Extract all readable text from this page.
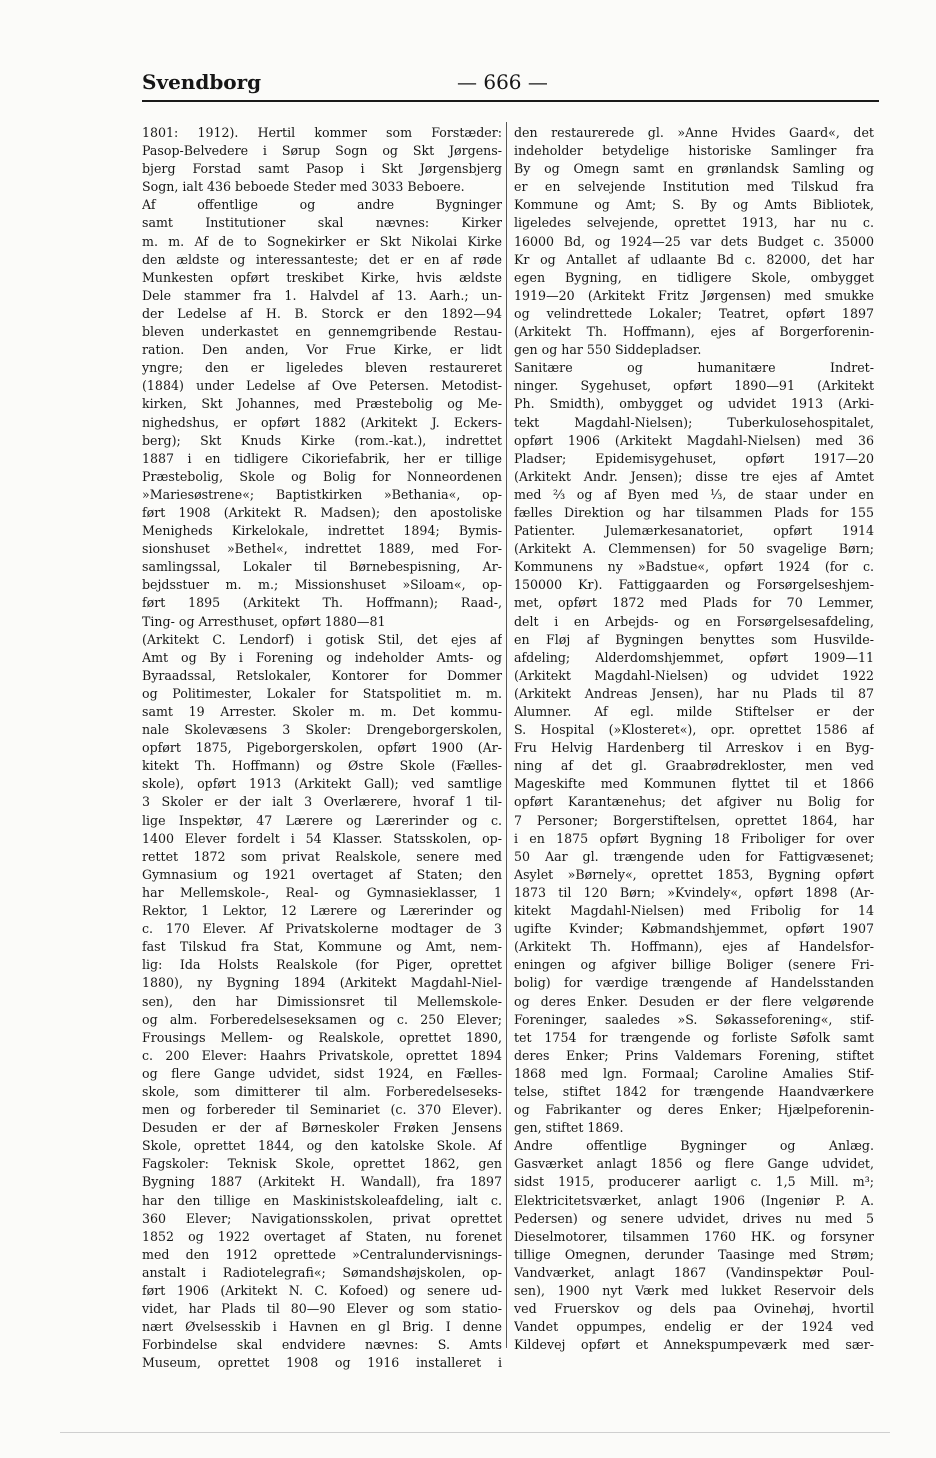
Svendborg	— 666 —
1801: 1912). Hertil kommer som Forstæder:
Pasop-Belvedere i Sørup Sogn og Skt Jørgens-
bjerg Forstad samt Pasop i Skt Jørgensbjerg
Sogn, ialt 436 beboede Steder med 3033 Beboere.
Af offentlige og andre Bygninger
samt Institutioner skal nævnes: Kirker
m. m. Af de to Sognekirker er Skt Nikolai Kirke
den ældste og interessanteste; det er en af røde
Munkesten opført treskibet Kirke, hvis ældste
Dele stammer fra 1. Halvdel af 13. Aarh.; un-
der Ledelse af H. B. Storck er den 1892—94
bleven underkastet en gennemgribende Restau-
ration. Den anden, Vor Frue Kirke, er lidt
yngre; den er ligeledes bleven restaureret
(1884) under Ledelse af Ove Petersen. Metodist-
kirken, Skt Johannes, med Præstebolig og Me-
nighedshus, er opført 1882 (Arkitekt J. Eckers-
berg); Skt Knuds Kirke (rom.-kat.), indrettet
1887 i en tidligere Cikoriefabrik, her er tillige
Præstebolig, Skole og Bolig for Nonneordenen
»Mariesøstrene«; Baptistkirken »Bethania«, op-
ført 1908 (Arkitekt R. Madsen); den apostoliske
Menigheds Kirkelokale, indrettet 1894; Bymis-
sionshuset »Bethel«, indrettet 1889, med For-
samlingssal, Lokaler til Børnebespisning, Ar-
bejdsstuer m. m.; Missionshuset »Siloam«, op-
ført 1895 (Arkitekt Th. Hoffmann); Raad-,
Ting- og Arresthuset, opført 1880—81
(Arkitekt C. Lendorf) i gotisk Stil, det ejes af
Amt og By i Forening og indeholder Amts- og
Byraadssal, Retslokaler, Kontorer for Dommer
og Politimester, Lokaler for Statspolitiet m. m.
samt 19 Arrester. Skoler m. m. Det kommu-
nale Skolevæsens 3 Skoler: Drengeborgerskolen,
opført 1875, Pigeborgerskolen, opført 1900 (Ar-
kitekt Th. Hoffmann) og Østre Skole (Fælles-
skole), opført 1913 (Arkitekt Gall); ved samtlige
3 Skoler er der ialt 3 Overlærere, hvoraf 1 til-
lige Inspektør, 47 Lærere og Lærerinder og c.
1400 Elever fordelt i 54 Klasser. Statsskolen, op-
rettet 1872 som privat Realskole, senere med
Gymnasium og 1921 overtaget af Staten; den
har Mellemskole-, Real- og Gymnasieklasser, 1
Rektor, 1 Lektor, 12 Lærere og Lærerinder og
c. 170 Elever. Af Privatskolerne modtager de 3
fast Tilskud fra Stat, Kommune og Amt, nem-
lig: Ida Holsts Realskole (for Piger, oprettet
1880), ny Bygning 1894 (Arkitekt Magdahl-Niel-
sen), den har Dimissionsret til Mellemskole-
og alm. Forberedelseseksamen og c. 250 Elever;
Frousings Mellem- og Realskole, oprettet 1890,
c. 200 Elever: Haahrs Privatskole, oprettet 1894
og flere Gange udvidet, sidst 1924, en Fælles-
skole, som dimitterer til alm. Forberedelseseks-
men og forbereder til Seminariet (c. 370 Elever).
Desuden er der af Børneskoler Frøken Jensens
Skole, oprettet 1844, og den katolske Skole. Af
Fagskoler: Teknisk Skole, oprettet 1862, gen
Bygning 1887 (Arkitekt H. Wandall), fra 1897
har den tillige en Maskinistskoleafdeling, ialt c.
360 Elever; Navigationsskolen, privat oprettet
1852 og 1922 overtaget af Staten, nu forenet
med den 1912 oprettede »Centralundervisnings-
anstalt i Radiotelegrafi«; Sømandshøjskolen, op-
ført 1906 (Arkitekt N. C. Kofoed) og senere ud-
videt, har Plads til 80—90 Elever og som statio-
nært Øvelsesskib i Havnen en gl Brig. I denne
Forbindelse skal endvidere nævnes: S. Amts
Museum, oprettet 1908 og 1916 installeret i
den restaurerede gl. »Anne Hvides Gaard«, det
indeholder betydelige historiske Samlinger fra
By og Omegn samt en grønlandsk Samling og
er en selvejende Institution med Tilskud fra
Kommune og Amt; S. By og Amts Bibliotek,
ligeledes selvejende, oprettet 1913, har nu c.
16000 Bd, og 1924—25 var dets Budget c. 35000
Kr og Antallet af udlaante Bd c. 82000, det har
egen Bygning, en tidligere Skole, ombygget
1919—20 (Arkitekt Fritz Jørgensen) med smukke
og velindrettede Lokaler; Teatret, opført 1897
(Arkitekt Th. Hoffmann), ejes af Borgerforenin-
gen og har 550 Siddepladser.
Sanitære og humanitære Indret-
ninger. Sygehuset, opført 1890—91 (Arkitekt
Ph. Smidth), ombygget og udvidet 1913 (Arki-
tekt Magdahl-Nielsen); Tuberkulosehospitalet,
opført 1906 (Arkitekt Magdahl-Nielsen) med 36
Pladser; Epidemisygehuset, opført 1917—20
(Arkitekt Andr. Jensen); disse tre ejes af Amtet
med ⅔ og af Byen med ⅓, de staar under en
fælles Direktion og har tilsammen Plads for 155
Patienter. Julemærkesanatoriet, opført 1914
(Arkitekt A. Clemmensen) for 50 svagelige Børn;
Kommunens ny »Badstue«, opført 1924 (for c.
150000 Kr). Fattiggaarden og Forsørgelseshjem-
met, opført 1872 med Plads for 70 Lemmer,
delt i en Arbejds- og en Forsørgelsesafdeling,
en Fløj af Bygningen benyttes som Husvilde-
afdeling; Alderdomshjemmet, opført 1909—11
(Arkitekt Magdahl-Nielsen) og udvidet 1922
(Arkitekt Andreas Jensen), har nu Plads til 87
Alumner. Af egl. milde Stiftelser er der
S. Hospital (»Klosteret«), opr. oprettet 1586 af
Fru Helvig Hardenberg til Arreskov i en Byg-
ning af det gl. Graabrødrekloster, men ved
Mageskifte med Kommunen flyttet til et 1866
opført Karantænehus; det afgiver nu Bolig for
7 Personer; Borgerstiftelsen, oprettet 1864, har
i en 1875 opført Bygning 18 Friboliger for over
50 Aar gl. trængende uden for Fattigvæsenet;
Asylet »Børnely«, oprettet 1853, Bygning opført
1873 til 120 Børn; »Kvindely«, opført 1898 (Ar-
kitekt Magdahl-Nielsen) med Fribolig for 14
ugifte Kvinder; Købmandshjemmet, opført 1907
(Arkitekt Th. Hoffmann), ejes af Handelsfor-
eningen og afgiver billige Boliger (senere Fri-
bolig) for værdige trængende af Handelsstanden
og deres Enker. Desuden er der flere velgørende
Foreninger, saaledes »S. Søkasseforening«, stif-
tet 1754 for trængende og forliste Søfolk samt
deres Enker; Prins Valdemars Forening, stiftet
1868 med lgn. Formaal; Caroline Amalies Stif-
telse, stiftet 1842 for trængende Haandværkere
og Fabrikanter og deres Enker; Hjælpeforenin-
gen, stiftet 1869.
Andre offentlige Bygninger og Anlæg.
Gasværket anlagt 1856 og flere Gange udvidet,
sidst 1915, producerer aarligt c. 1,5 Mill. m³;
Elektricitetsværket, anlagt 1906 (Ingeniør P. A.
Pedersen) og senere udvidet, drives nu med 5
Dieselmotorer, tilsammen 1760 HK. og forsyner
tillige Omegnen, derunder Taasinge med Strøm;
Vandværket, anlagt 1867 (Vandinspektør Poul-
sen), 1900 nyt Værk med lukket Reservoir dels
ved Fruerskov og dels paa Ovinehøj, hvortil
Vandet oppumpes, endelig er der 1924 ved
Kildevej opført et Annekspumpeværk med sær-
